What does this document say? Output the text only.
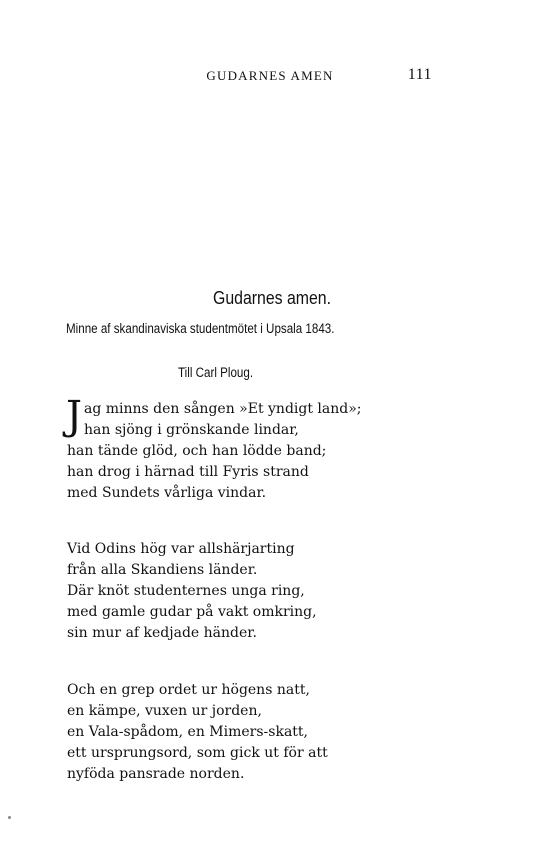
GUDARNES AMEN	111
Gudarnes amen.
Minne af skandinaviska studentmötet i Upsala 1843.
Till Carl Ploug.
J ag minns den sången »Et yndigt land»;
han sjöng i grönskande lindar,
han tände glöd, och han lödde band;
han drog i härnad till Fyris strand
med Sundets vårliga vindar.
Vid Odins hög var allshärjarting
från alla Skandiens länder.
Där knöt studenternes unga ring,
med gamle gudar på vakt omkring,
sin mur af kedjade händer.
Och en grep ordet ur högens natt,
en kämpe, vuxen ur jorden,
en Vala-spådom, en Mimers-skatt,
ett ursprungsord, som gick ut för att
nyföda pansrade norden.
